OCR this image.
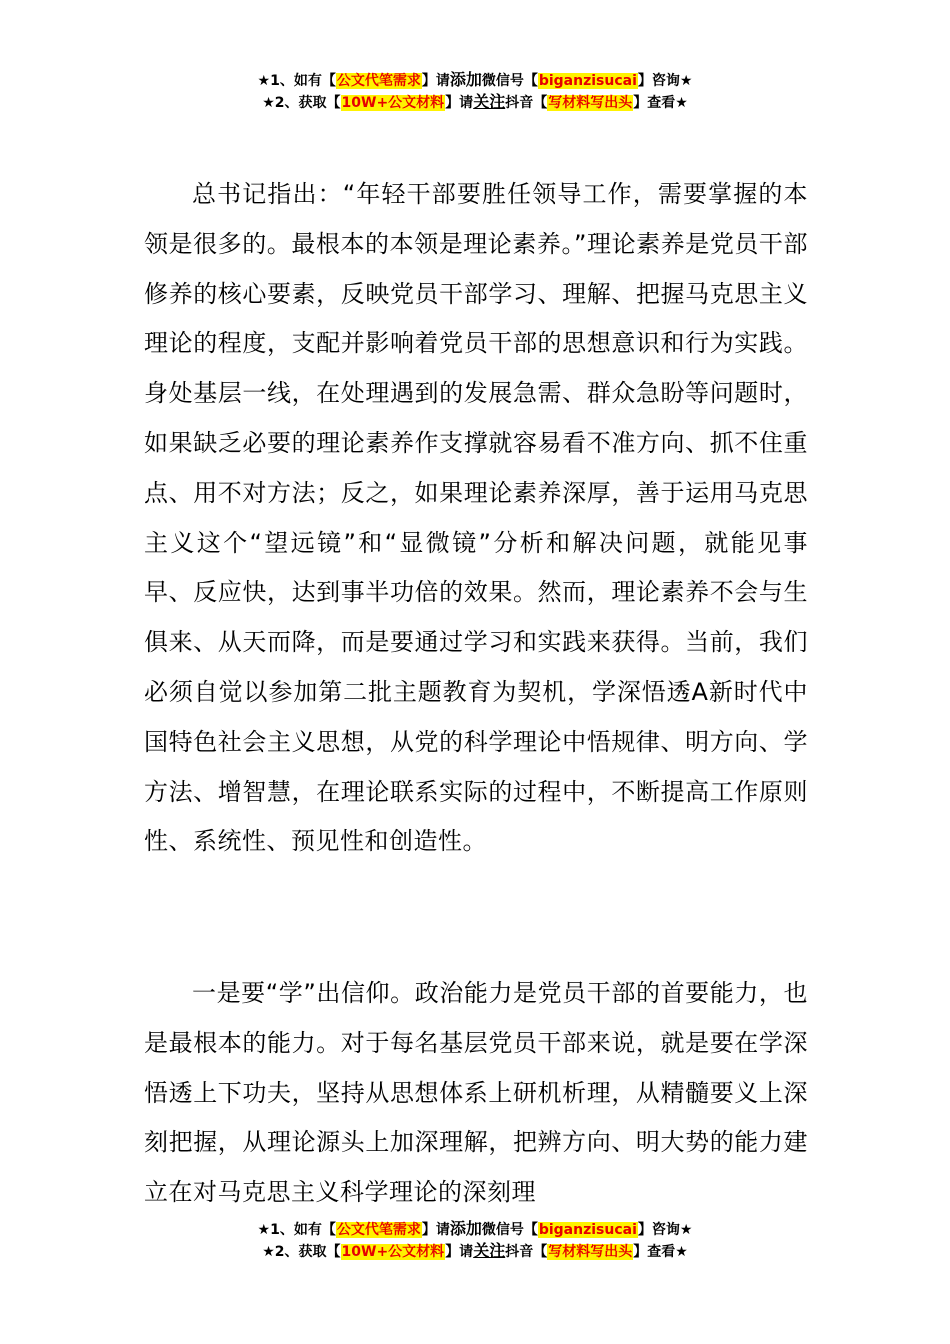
★1、如有【公文代笔需求】请添加微信号【biganzisucai】咨询★
★2、获取【10W+公文材料】请关注抖音【写材料写出头】查看★

总书记指出：“年轻干部要胜任领导工作，需要掌握的本领是很多的。最根本的本领是理论素养。”理论素养是党员干部修养的核心要素，反映党员干部学习、理解、把握马克思主义理论的程度，支配并影响着党员干部的思想意识和行为实践。身处基层一线，在处理遇到的发展急需、群众急盼等问题时，如果缺乏必要的理论素养作支撑就容易看不准方向、抓不住重点、用不对方法；反之，如果理论素养深厚，善于运用马克思主义这个“望远镜”和“显微镜”分析和解决问题，就能见事早、反应快，达到事半功倍的效果。然而，理论素养不会与生俱来、从天而降，而是要通过学习和实践来获得。当前，我们必须自觉以参加第二批主题教育为契机，学深悟透A新时代中国特色社会主义思想，从党的科学理论中悟规律、明方向、学方法、增智慧，在理论联系实际的过程中，不断提高工作原则性、系统性、预见性和创造性。

一是要“学”出信仰。政治能力是党员干部的首要能力，也是最根本的能力。对于每名基层党员干部来说，就是要在学深悟透上下功夫，坚持从思想体系上研机析理，从精髓要义上深刻把握，从理论源头上加深理解，把辨方向、明大势的能力建立在对马克思主义科学理论的深刻理

★1、如有【公文代笔需求】请添加微信号【biganzisucai】咨询★
★2、获取【10W+公文材料】请关注抖音【写材料写出头】查看★
